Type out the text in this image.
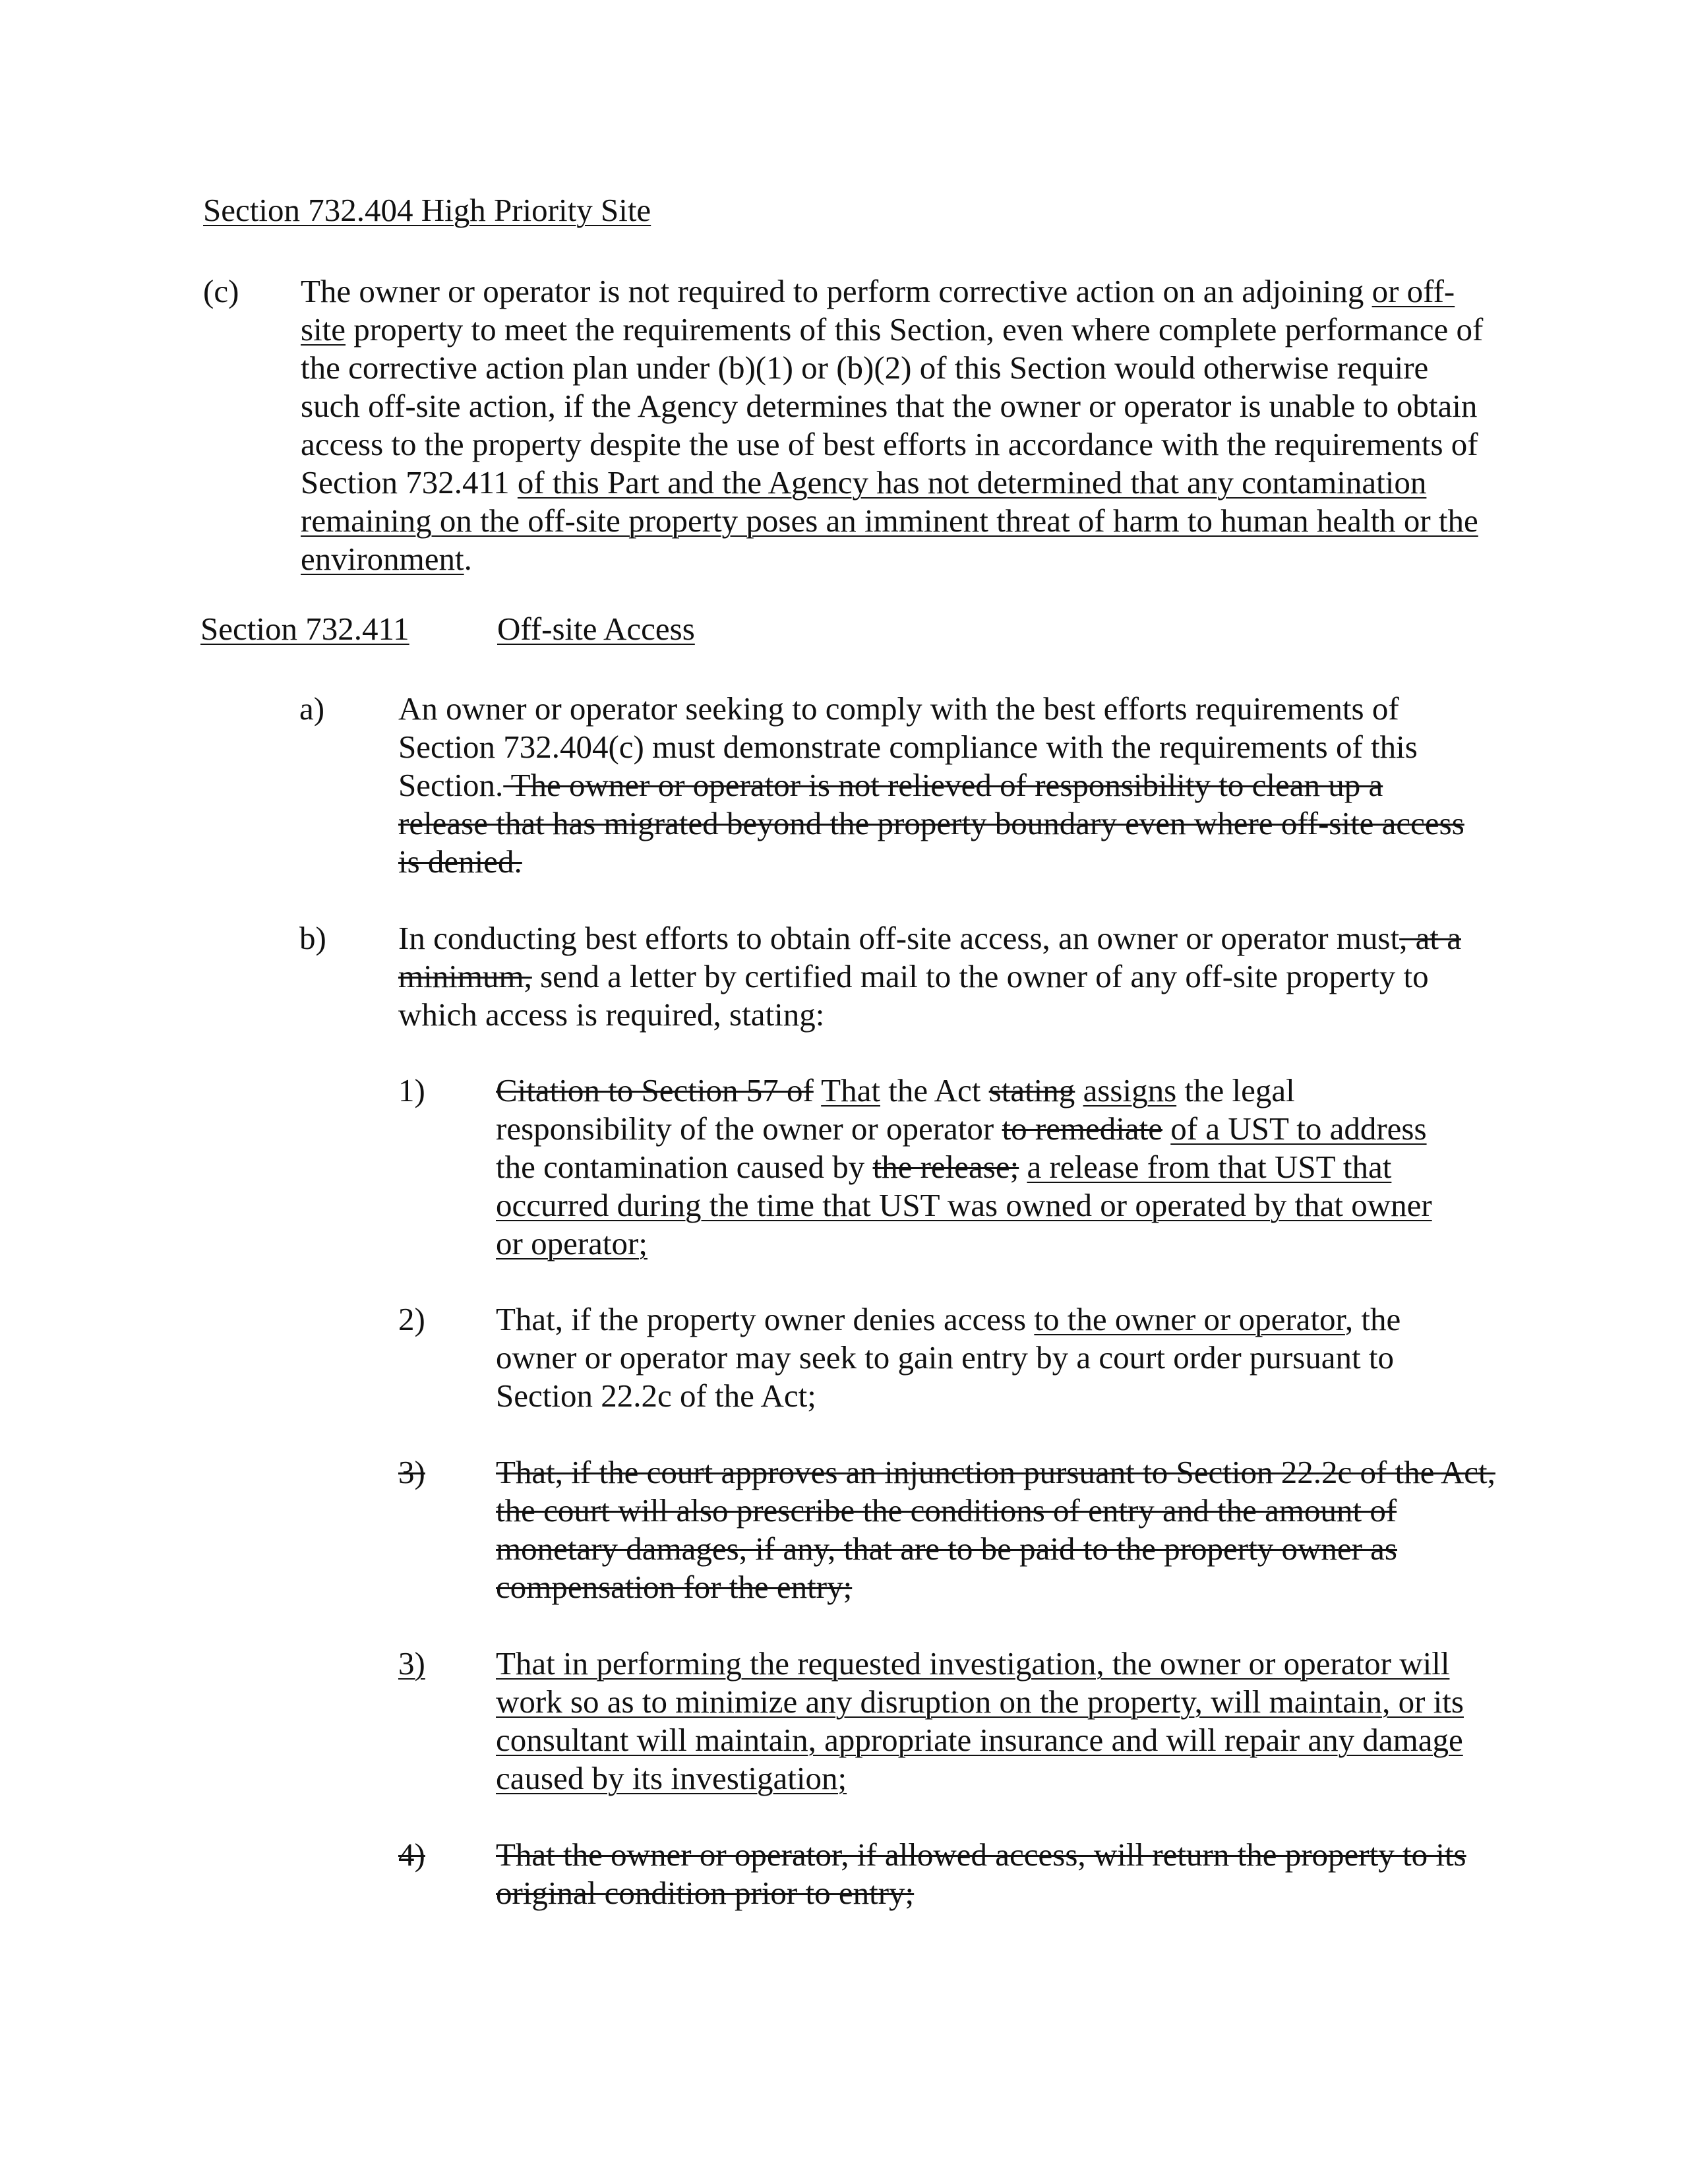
Section 732.404 High Priority Site
(c) The owner or operator is not required to perform corrective action on an adjoining or off-site property to meet the requirements of this Section, even where complete performance of the corrective action plan under (b)(1) or (b)(2) of this Section would otherwise require such off-site action, if the Agency determines that the owner or operator is unable to obtain access to the property despite the use of best efforts in accordance with the requirements of Section 732.411 of this Part and the Agency has not determined that any contamination remaining on the off-site property poses an imminent threat of harm to human health or the environment.

Section 732.411	Off-site Access
a) An owner or operator seeking to comply with the best efforts requirements of Section 732.404(c) must demonstrate compliance with the requirements of this Section. The owner or operator is not relieved of responsibility to clean up a release that has migrated beyond the property boundary even where off-site access is denied.

b) In conducting best efforts to obtain off-site access, an owner or operator must, at a minimum, send a letter by certified mail to the owner of any off-site property to which access is required, stating:

1) Citation to Section 57 of That the Act stating assigns the legal responsibility of the owner or operator to remediate of a UST to address the contamination caused by the release; a release from that UST that occurred during the time that UST was owned or operated by that owner or operator;

2) That, if the property owner denies access to the owner or operator, the owner or operator may seek to gain entry by a court order pursuant to Section 22.2c of the Act;

3) That, if the court approves an injunction pursuant to Section 22.2c of the Act, the court will also prescribe the conditions of entry and the amount of monetary damages, if any, that are to be paid to the property owner as compensation for the entry;

3) That in performing the requested investigation, the owner or operator will work so as to minimize any disruption on the property, will maintain, or its consultant will maintain, appropriate insurance and will repair any damage caused by its investigation;

4) That the owner or operator, if allowed access, will return the property to its original condition prior to entry;
